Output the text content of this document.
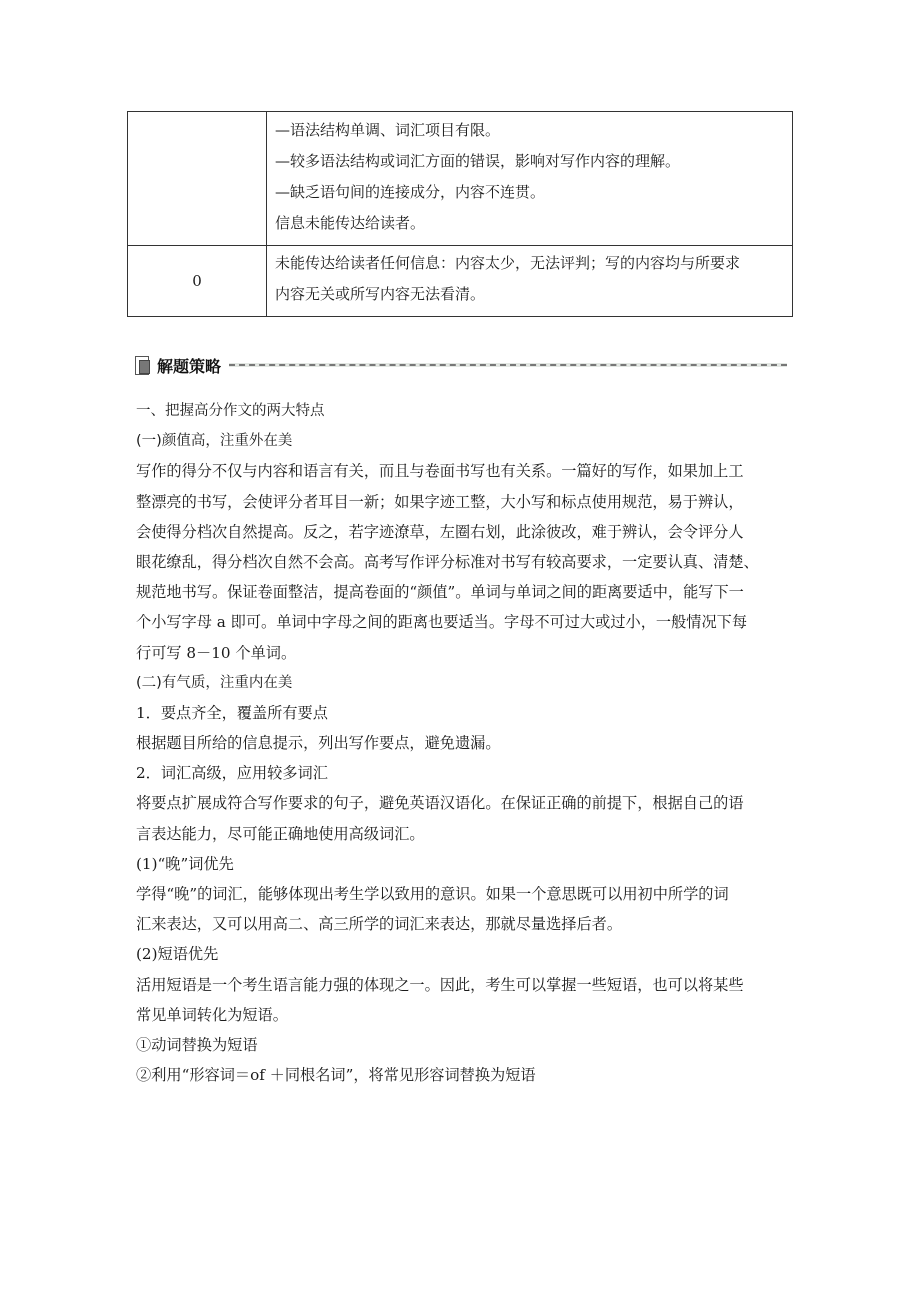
	—语法结构单调、词汇项目有限。
—较多语法结构或词汇方面的错误，影响对写作内容的理解。
—缺乏语句间的连接成分，内容不连贯。
信息未能传达给读者。

0	未能传达给读者任何信息：内容太少，无法评判；写的内容均与所要求
内容无关或所写内容无法看清。
解题策略
一、把握高分作文的两大特点
(一)颜值高，注重外在美
写作的得分不仅与内容和语言有关，而且与卷面书写也有关系。一篇好的写作，如果加上工
整漂亮的书写，会使评分者耳目一新；如果字迹工整，大小写和标点使用规范，易于辨认，
会使得分档次自然提高。反之，若字迹潦草，左圈右划，此涂彼改，难于辨认，会令评分人
眼花缭乱，得分档次自然不会高。高考写作评分标准对书写有较高要求，一定要认真、清楚、
规范地书写。保证卷面整洁，提高卷面的“颜值”。单词与单词之间的距离要适中，能写下一
个小写字母 a 即可。单词中字母之间的距离也要适当。字母不可过大或过小，一般情况下每
行可写 8－10 个单词。
(二)有气质，注重内在美
1．要点齐全，覆盖所有要点
根据题目所给的信息提示，列出写作要点，避免遗漏。
2．词汇高级，应用较多词汇
将要点扩展成符合写作要求的句子，避免英语汉语化。在保证正确的前提下，根据自己的语
言表达能力，尽可能正确地使用高级词汇。
(1)“晚”词优先
学得“晚”的词汇，能够体现出考生学以致用的意识。如果一个意思既可以用初中所学的词
汇来表达，又可以用高二、高三所学的词汇来表达，那就尽量选择后者。
(2)短语优先
活用短语是一个考生语言能力强的体现之一。因此，考生可以掌握一些短语，也可以将某些
常见单词转化为短语。
①动词替换为短语
②利用“形容词＝of ＋同根名词”，将常见形容词替换为短语
